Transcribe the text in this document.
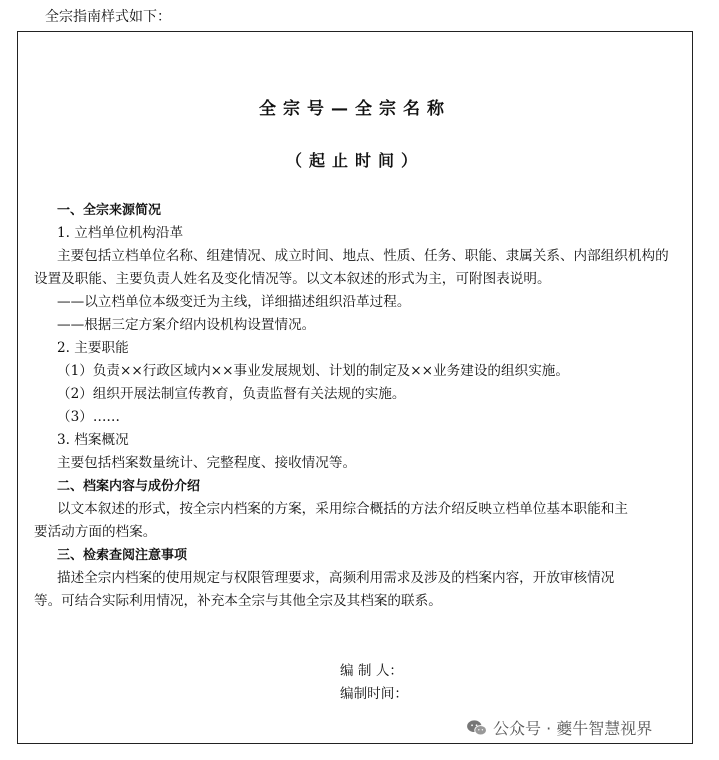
全宗指南样式如下：
全宗号—全宗名称
（起止时间）
一、全宗来源简况
1. 立档单位机构沿革
主要包括立档单位名称、组建情况、成立时间、地点、性质、任务、职能、隶属关系、内部组织机构的
设置及职能、主要负责人姓名及变化情况等。以文本叙述的形式为主，可附图表说明。
——以立档单位本级变迁为主线，详细描述组织沿革过程。
——根据三定方案介绍内设机构设置情况。
2. 主要职能
（1）负责××行政区域内××事业发展规划、计划的制定及××业务建设的组织实施。
（2）组织开展法制宣传教育，负责监督有关法规的实施。
（3）……
3. 档案概况
主要包括档案数量统计、完整程度、接收情况等。
二、档案内容与成份介绍
以文本叙述的形式，按全宗内档案的方案，采用综合概括的方法介绍反映立档单位基本职能和主
要活动方面的档案。
三、检索查阅注意事项
描述全宗内档案的使用规定与权限管理要求，高频利用需求及涉及的档案内容，开放审核情况
等。可结合实际利用情况，补充本全宗与其他全宗及其档案的联系。
编 制 人：
编制时间：
公众号 · 夔牛智慧视界
